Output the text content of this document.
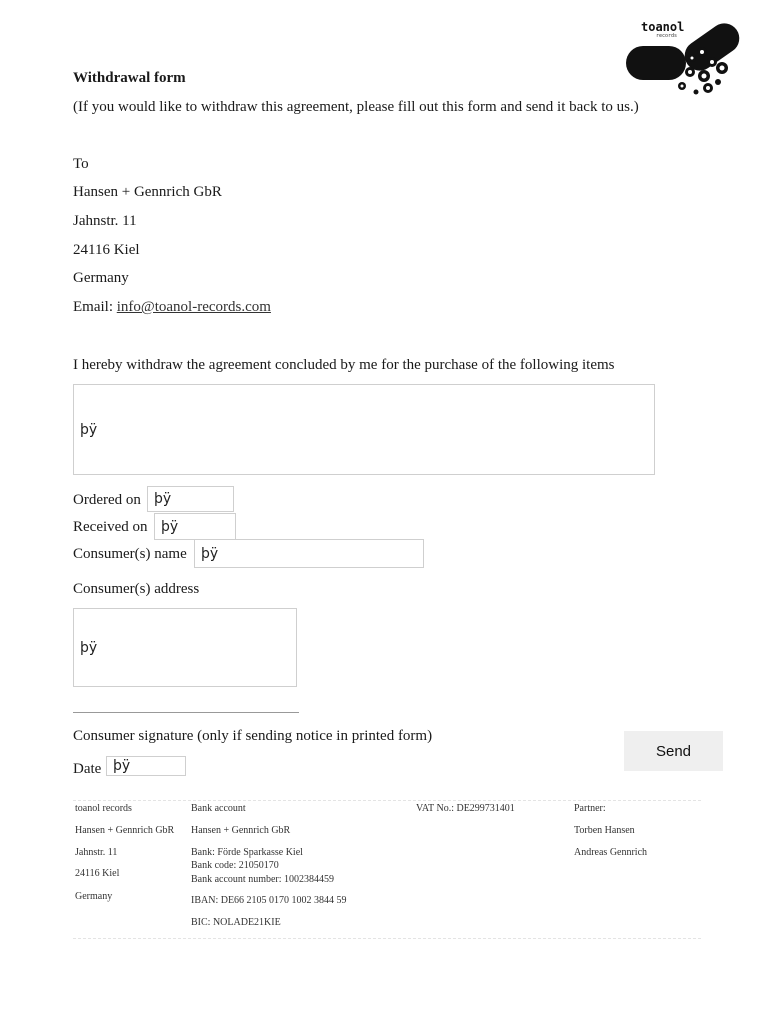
toanol
records
Withdrawal form
(If you would like to withdraw this agreement, please fill out this form and send it back to us.)
To
Hansen + Gennrich GbR
Jahnstr. 11
24116 Kiel
Germany
Email: info@toanol-records.com
I hereby withdraw the agreement concluded by me for the purchase of the following items
þÿ
Ordered on þÿ
Received on þÿ
Consumer(s) name	þÿ
Consumer(s) address
þÿ
Consumer signature (only if sending notice in printed form)
Date þÿ
Send
toanol records
Hansen + Gennrich GbR
Jahnstr. 11
24116 Kiel
Germany
Bank account
Hansen + Gennrich GbR
Bank: Förde Sparkasse Kiel
Bank code: 21050170
Bank account number: 1002384459
IBAN: DE66 2105 0170 1002 3844 59
BIC: NOLADE21KIE
VAT No.: DE299731401	Partner:
Torben Hansen
Andreas Gennrich
